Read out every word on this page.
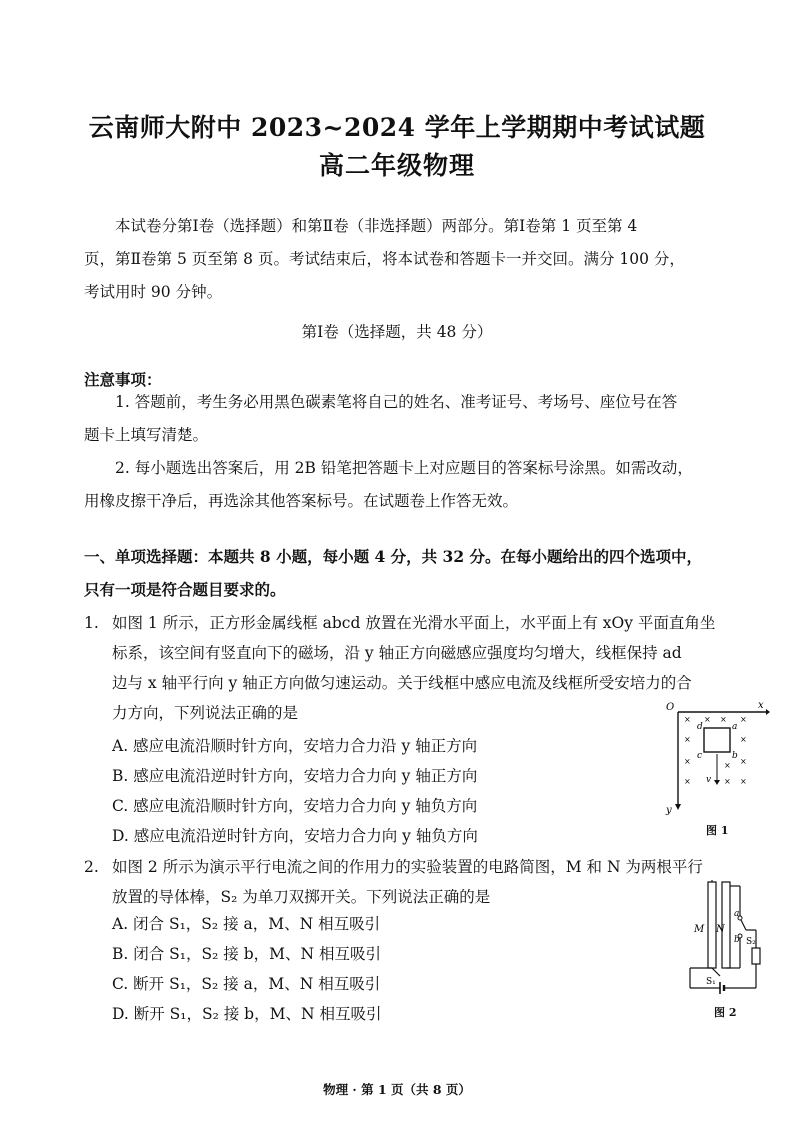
云南师大附中 2023~2024 学年上学期期中考试试题
高二年级物理

本试卷分第Ⅰ卷（选择题）和第Ⅱ卷（非选择题）两部分。第Ⅰ卷第 1 页至第 4

页，第Ⅱ卷第 5 页至第 8 页。考试结束后，将本试卷和答题卡一并交回。满分 100 分，

考试用时 90 分钟。

第Ⅰ卷（选择题，共 48 分）
注意事项：

1. 答题前，考生务必用黑色碳素笔将自己的姓名、准考证号、考场号、座位号在答

题卡上填写清楚。

2. 每小题选出答案后，用 2B 铅笔把答题卡上对应题目的答案标号涂黑。如需改动，

用橡皮擦干净后，再选涂其他答案标号。在试题卷上作答无效。

一、单项选择题：本题共 8 小题，每小题 4 分，共 32 分。在每小题给出的四个选项中，

只有一项是符合题目要求的。

1. 如图 1 所示，正方形金属线框 abcd 放置在光滑水平面上，水平面上有 xOy 平面直角坐
标系，该空间有竖直向下的磁场，沿 y 轴正方向磁感应强度均匀增大，线框保持 ad
边与 x 轴平行向 y 轴正方向做匀速运动。关于线框中感应电流及线框所受安培力的合
力方向，下列说法正确的是
A. 感应电流沿顺时针方向，安培力合力沿 y 轴正方向
B. 感应电流沿逆时针方向，安培力合力向 y 轴正方向
C. 感应电流沿顺时针方向，安培力合力向 y 轴负方向
D. 感应电流沿逆时针方向，安培力合力向 y 轴负方向
O	x
y
d	a
c	b
v
× × × ×
×	×
×	× ×
×	× ×
图 1
2. 如图 2 所示为演示平行电流之间的作用力的实验装置的电路简图，M 和 N 为两根平行
放置的导体棒，S₂ 为单刀双掷开关。下列说法正确的是
A. 闭合 S₁，S₂ 接 a，M、N 相互吸引
B. 闭合 S₁，S₂ 接 b，M、N 相互吸引
C. 断开 S₁，S₂ 接 a，M、N 相互吸引
D. 断开 S₁，S₂ 接 b，M、N 相互吸引
M N
a
b S₂
S₁
图 2
物理 · 第 1 页（共 8 页）
